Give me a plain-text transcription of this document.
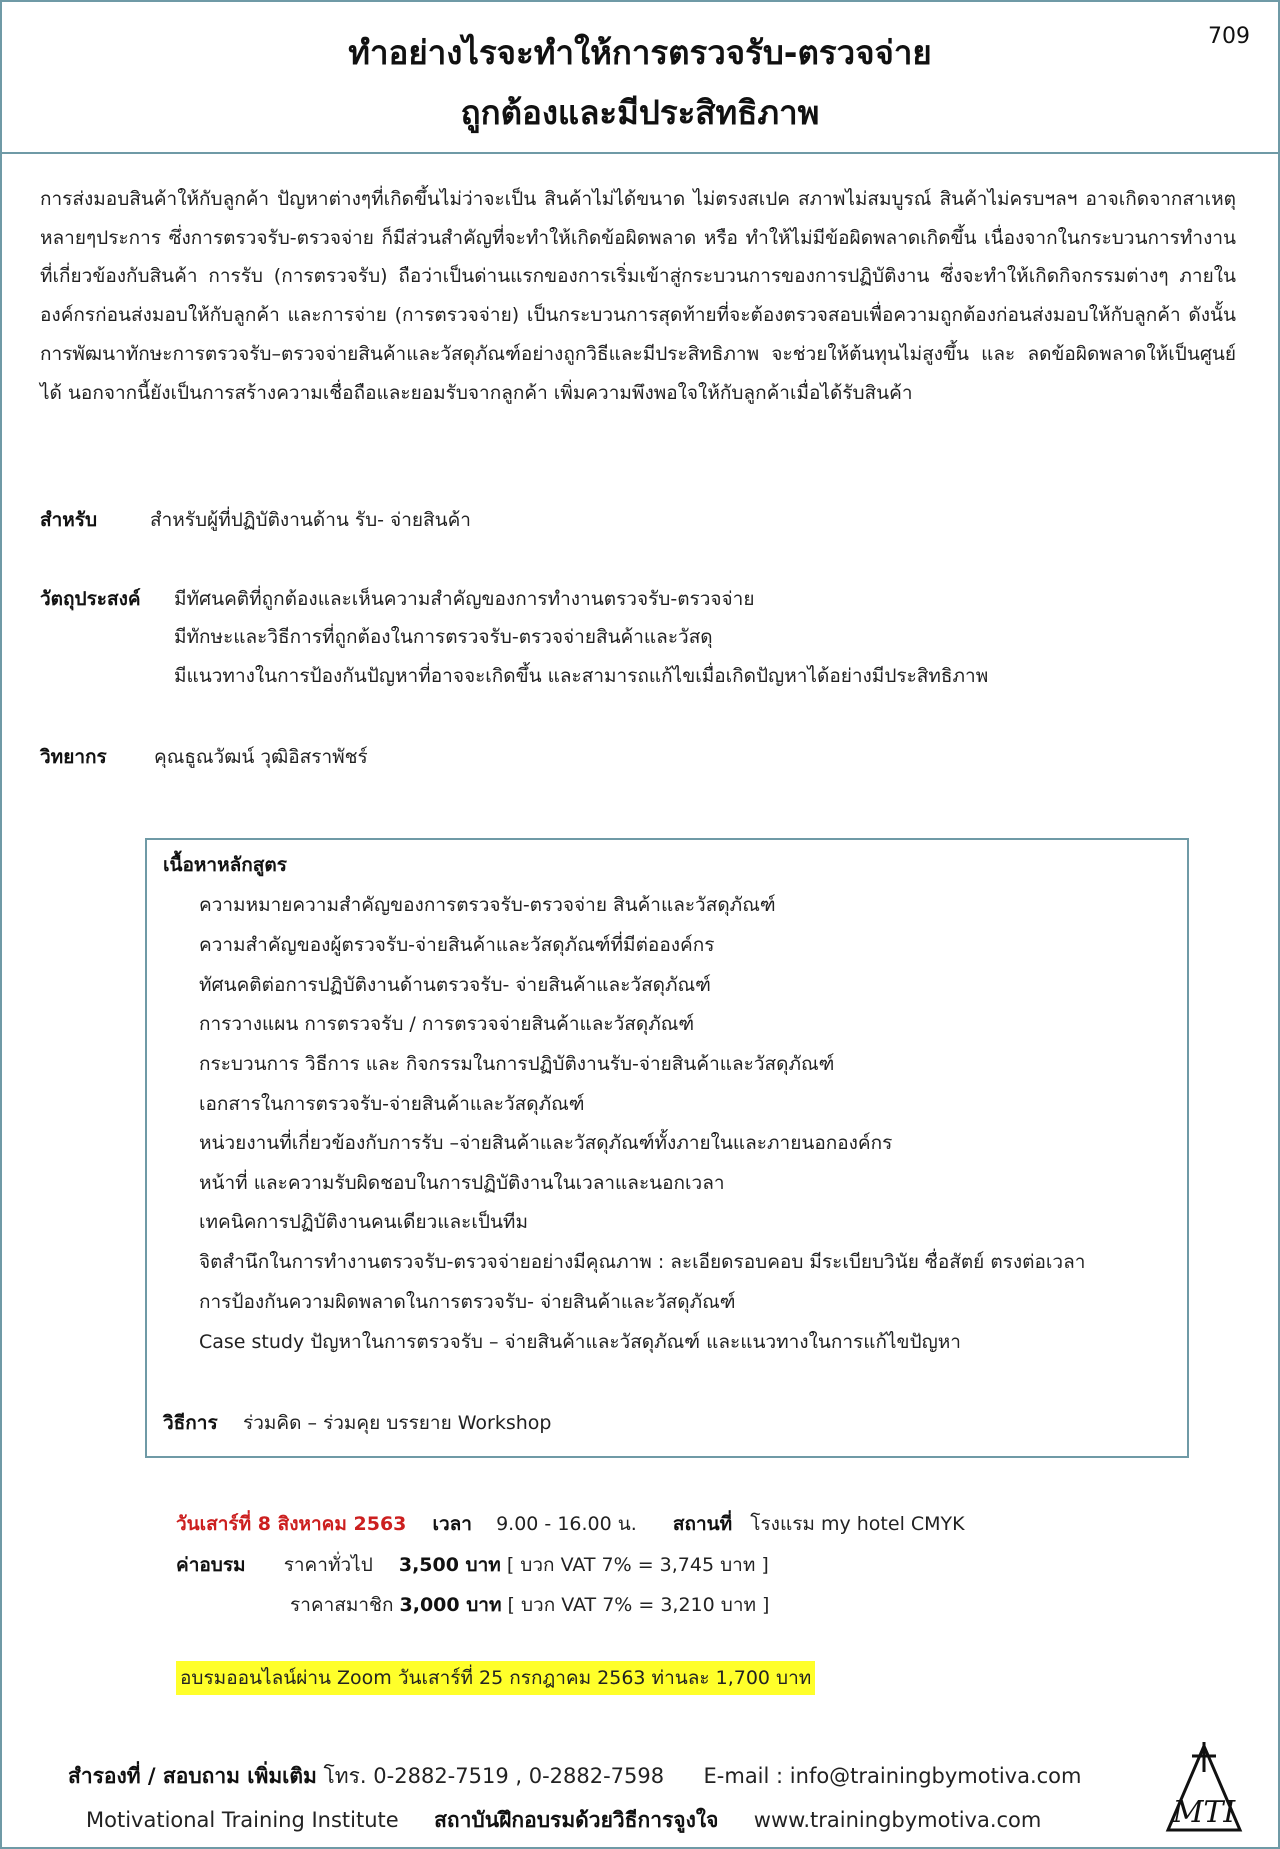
ทำอย่างไรจะทำให้การตรวจรับ-ตรวจจ่าย
ถูกต้องและมีประสิทธิภาพ
709
การส่งมอบสินค้าให้กับลูกค้า ปัญหาต่างๆที่เกิดขึ้นไม่ว่าจะเป็น สินค้าไม่ได้ขนาด ไม่ตรงสเปค สภาพไม่สมบูรณ์ สินค้าไม่ครบฯลฯ อาจเกิดจากสาเหตุหลายๆประการ ซึ่งการตรวจรับ-ตรวจจ่าย ก็มีส่วนสำคัญที่จะทำให้เกิดข้อผิดพลาด หรือ ทำให้ไม่มีข้อผิดพลาดเกิดขึ้น เนื่องจากในกระบวนการทำงานที่เกี่ยวข้องกับสินค้า การรับ (การตรวจรับ) ถือว่าเป็นด่านแรกของการเริ่มเข้าสู่กระบวนการของการปฏิบัติงาน ซึ่งจะทำให้เกิดกิจกรรมต่างๆ ภายในองค์กรก่อนส่งมอบให้กับลูกค้า และการจ่าย (การตรวจจ่าย) เป็นกระบวนการสุดท้ายที่จะต้องตรวจสอบเพื่อความถูกต้องก่อนส่งมอบให้กับลูกค้า ดังนั้นการพัฒนาทักษะการตรวจรับ–ตรวจจ่ายสินค้าและวัสดุภัณฑ์อย่างถูกวิธีและมีประสิทธิภาพ จะช่วยให้ต้นทุนไม่สูงขึ้น และ ลดข้อผิดพลาดให้เป็นศูนย์ได้ นอกจากนี้ยังเป็นการสร้างความเชื่อถือและยอมรับจากลูกค้า เพิ่มความพึงพอใจให้กับลูกค้าเมื่อได้รับสินค้า
สำหรับ	สำหรับผู้ที่ปฏิบัติงานด้าน รับ- จ่ายสินค้า
วัตถุประสงค์ มีทัศนคติที่ถูกต้องและเห็นความสำคัญของการทำงานตรวจรับ-ตรวจจ่าย
มีทักษะและวิธีการที่ถูกต้องในการตรวจรับ-ตรวจจ่ายสินค้าและวัสดุ
มีแนวทางในการป้องกันปัญหาที่อาจจะเกิดขึ้น และสามารถแก้ไขเมื่อเกิดปัญหาได้อย่างมีประสิทธิภาพ
วิทยากร คุณธูณวัฒน์ วุฒิอิสราพัชร์
เนื้อหาหลักสูตร
ความหมายความสำคัญของการตรวจรับ-ตรวจจ่าย สินค้าและวัสดุภัณฑ์
ความสำคัญของผู้ตรวจรับ-จ่ายสินค้าและวัสดุภัณฑ์ที่มีต่อองค์กร
ทัศนคติต่อการปฏิบัติงานด้านตรวจรับ- จ่ายสินค้าและวัสดุภัณฑ์
การวางแผน การตรวจรับ / การตรวจจ่ายสินค้าและวัสดุภัณฑ์
กระบวนการ วิธีการ และ กิจกรรมในการปฏิบัติงานรับ-จ่ายสินค้าและวัสดุภัณฑ์
เอกสารในการตรวจรับ-จ่ายสินค้าและวัสดุภัณฑ์
หน่วยงานที่เกี่ยวข้องกับการรับ –จ่ายสินค้าและวัสดุภัณฑ์ทั้งภายในและภายนอกองค์กร
หน้าที่ และความรับผิดชอบในการปฏิบัติงานในเวลาและนอกเวลา
เทคนิคการปฏิบัติงานคนเดียวและเป็นทีม
จิตสำนึกในการทำงานตรวจรับ-ตรวจจ่ายอย่างมีคุณภาพ : ละเอียดรอบคอบ มีระเบียบวินัย ซื่อสัตย์ ตรงต่อเวลา
การป้องกันความผิดพลาดในการตรวจรับ- จ่ายสินค้าและวัสดุภัณฑ์
Case study ปัญหาในการตรวจรับ – จ่ายสินค้าและวัสดุภัณฑ์ และแนวทางในการแก้ไขปัญหา
วิธีการ ร่วมคิด – ร่วมคุย บรรยาย Workshop
วันเสาร์ที่ 8 สิงหาคม 2563 เวลา 9.00 - 16.00 น. สถานที่ โรงแรม my hotel CMYK
ค่าอบรม ราคาทั่วไป 3,500 บาท [ บวก VAT 7% = 3,745 บาท ]
ราคาสมาชิก 3,000 บาท [ บวก VAT 7% = 3,210 บาท ]
อบรมออนไลน์ผ่าน Zoom วันเสาร์ที่ 25 กรกฎาคม 2563 ท่านละ 1,700 บาท
สำรองที่ / สอบถาม เพิ่มเติม โทร. 0-2882-7519 , 0-2882-7598 E-mail : info@trainingbymotiva.com
Motivational Training Institute สถาบันฝึกอบรมด้วยวิธีการจูงใจ www.trainingbymotiva.com	MTI
